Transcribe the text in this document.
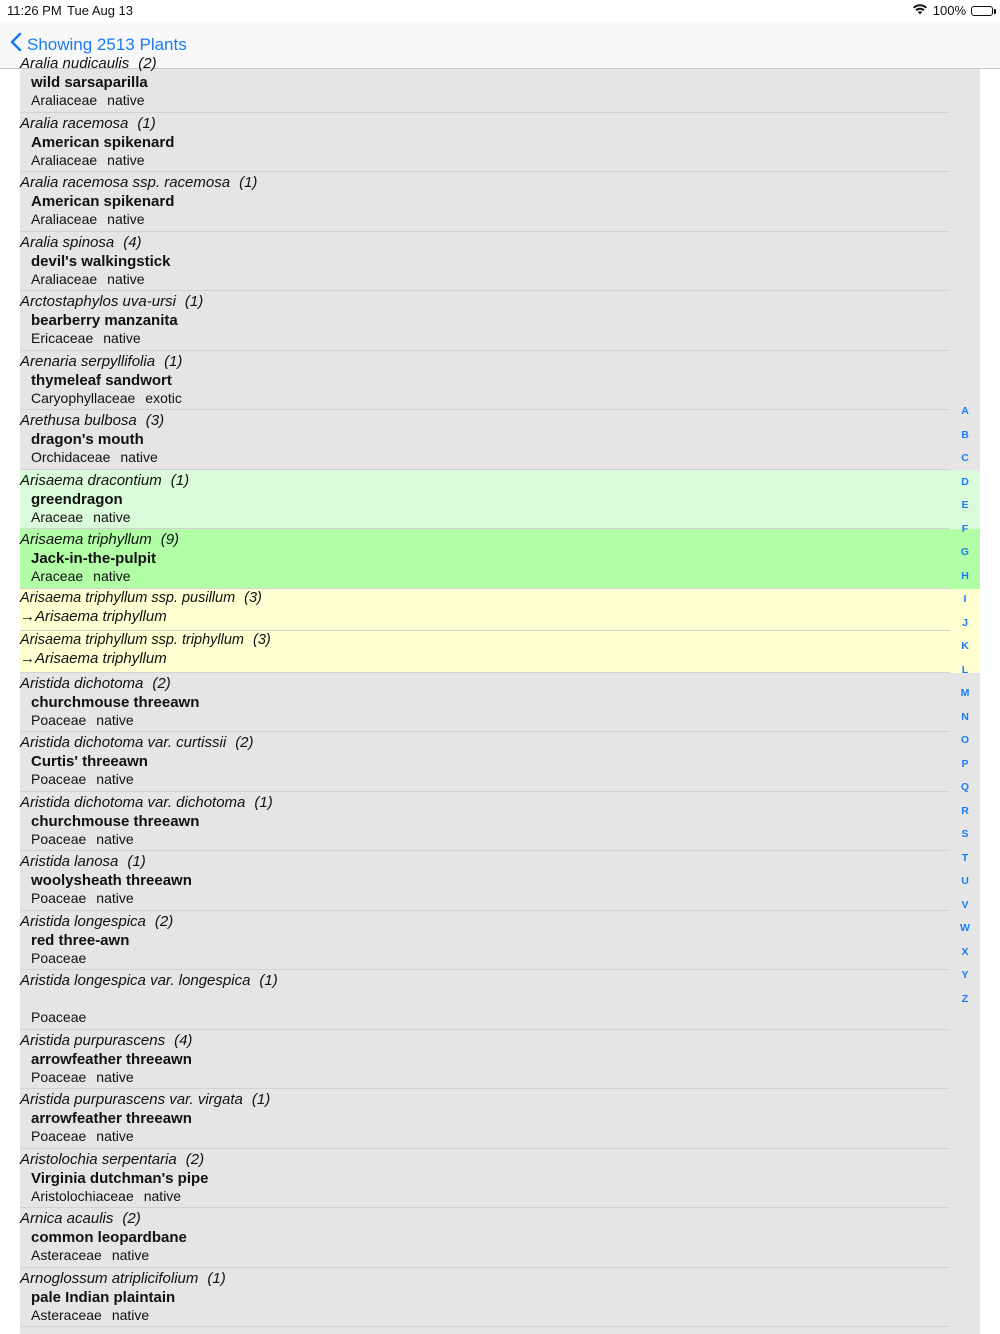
11:26 PM Tue Aug 13	100%
Showing 2513 Plants
Aralia nudicaulis (2)
wild sarsaparilla
Araliaceae native
Aralia racemosa (1)
American spikenard
Araliaceae native
Aralia racemosa ssp. racemosa (1)
American spikenard
Araliaceae native
Aralia spinosa (4)
devil's walkingstick
Araliaceae native
Arctostaphylos uva-ursi (1)
bearberry manzanita
Ericaceae native
Arenaria serpyllifolia (1)
thymeleaf sandwort
Caryophyllaceae exotic
Arethusa bulbosa (3)
dragon's mouth
Orchidaceae native
Arisaema dracontium (1)
greendragon
Araceae native
Arisaema triphyllum (9)
Jack-in-the-pulpit
Araceae native
Arisaema triphyllum ssp. pusillum (3)
→Arisaema triphyllum
Arisaema triphyllum ssp. triphyllum (3)
→Arisaema triphyllum
Aristida dichotoma (2)
churchmouse threeawn
Poaceae native
Aristida dichotoma var. curtissii (2)
Curtis' threeawn
Poaceae native
Aristida dichotoma var. dichotoma (1)
churchmouse threeawn
Poaceae native
Aristida lanosa (1)
woolysheath threeawn
Poaceae native
Aristida longespica (2)
red three-awn
Poaceae
Aristida longespica var. longespica (1)
Poaceae
Aristida purpurascens (4)
arrowfeather threeawn
Poaceae native
Aristida purpurascens var. virgata (1)
arrowfeather threeawn
Poaceae native
Aristolochia serpentaria (2)
Virginia dutchman's pipe
Aristolochiaceae native
Arnica acaulis (2)
common leopardbane
Asteraceae native
Arnoglossum atriplicifolium (1)
pale Indian plaintain
Asteraceae native
A
B
C
D
E
F
G
H
I
J
K
L
M
N
O
P
Q
R
S
T
U
V
W
X
Y
Z
